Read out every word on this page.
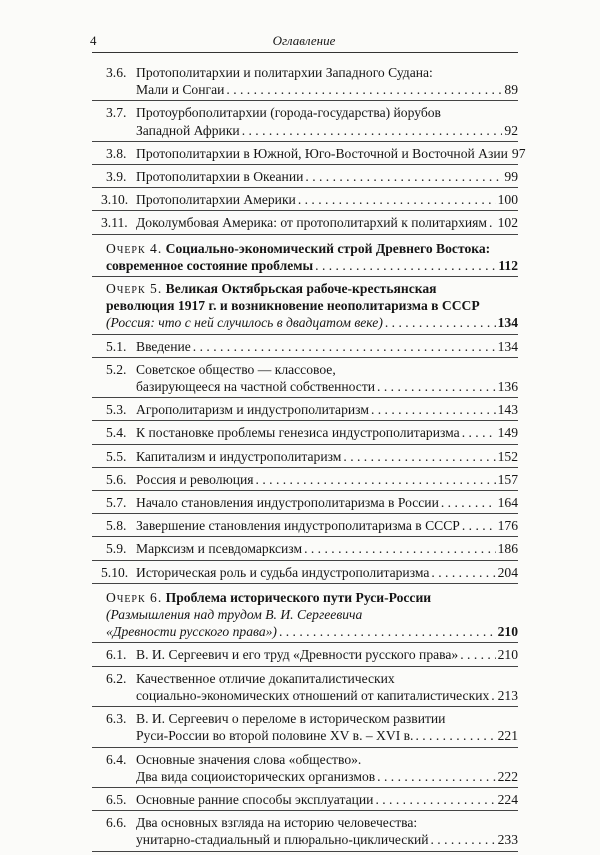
4	Оглавление
3.6. Протополитархии и политархии Западного Судана:
Мали и Сонгаи . . .	89
3.7. Протоурбополитархии (города-государства) йорубов
Западной Африки . . .	92
3.8. Протополитархии в Южной, Юго-Восточной и Восточной Азии 97
3.9. Протополитархии в Океании . . .	99
3.10. Протополитархии Америки . . .	100
3.11. Доколумбовая Америка: от протополитархий к политархиям . . . 102
Очерк 4. Социально-экономический строй Древнего Востока:
современное состояние проблемы . . .	112
Очерк 5. Великая Октябрьская рабоче-крестьянская
революция 1917 г. и возникновение неополитаризма в СССР
(Россия: что с ней случилось в двадцатом веке) . . .	134
5.1. Введение . . .	134
5.2. Советское общество — классовое,
базирующееся на частной собственности . . .	136
5.3. Агрополитаризм и индустрополитаризм . . .	143
5.4. К постановке проблемы генезиса индустрополитаризма . . .	149
5.5. Капитализм и индустрополитаризм . . .	152
5.6. Россия и революция . . .	157
5.7. Начало становления индустрополитаризма в России . . .	164
5.8. Завершение становления индустрополитаризма в СССР . . .	176
5.9. Марксизм и псевдомарксизм . . .	186
5.10. Историческая роль и судьба индустрополитаризма . . .	204
Очерк 6. Проблема исторического пути Руси-России
(Размышления над трудом В. И. Сергеевича
«Древности русского права») . . .	210
6.1. В. И. Сергеевич и его труд «Древности русского права» . . .	210
6.2. Качественное отличие докапиталистических
социально-экономических отношений от капиталистических . . . 213
6.3. В. И. Сергеевич о переломе в историческом развитии
Руси-России во второй половине XV в. – XVI в. . . .	221
6.4. Основные значения слова «общество».
Два вида социоисторических организмов . . .	222
6.5. Основные ранние способы эксплуатации . . .	224
6.6. Два основных взгляда на историю человечества:
унитарно-стадиальный и плюрально-циклический . . .	233
